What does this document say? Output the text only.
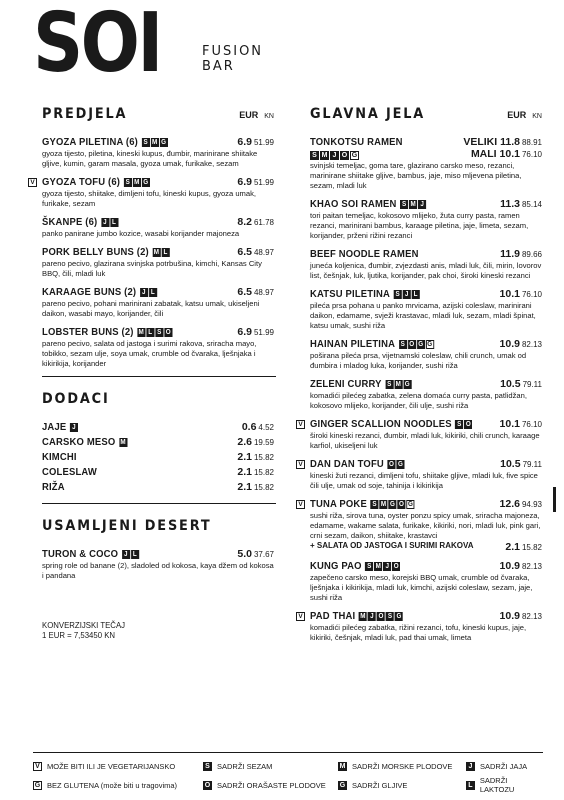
SOI	FUSION
BAR
PREDJELA	EUR KN
GYOZA PILETINA (6) S M G	6.9 51.99
gyoza tijesto, piletina, kineski kupus, đumbir, marinirane shiitake gljive, kumin, garam masala, gyoza umak, furikake, sezam
V GYOZA TOFU (6) S M G	6.9 51.99
gyoza tijesto, shiitake, dimljeni tofu, kineski kupus, gyoza umak, furikake, sezam
ŠKANPE (6) J L	8.2 61.78
panko panirane jumbo kozice, wasabi korijander majoneza
PORK BELLY BUNS (2) M L	6.5 48.97
pareno pecivo, glazirana svinjska potrbušina, kimchi, Kansas City BBQ, čili, mladi luk
KARAAGE BUNS (2) J L	6.5 48.97
pareno pecivo, pohani marinirani zabatak, katsu umak, ukiseljeni daikon, wasabi mayo, korijander, čili
LOBSTER BUNS (2) M L S O	6.9 51.99
pareno pecivo, salata od jastoga i surimi rakova, sriracha mayo, tobikko, sezam ulje, soya umak, crumble od čvaraka, lješnjaka i kikirikija, korijander
DODACI
JAJE J	0.6 4.52
CARSKO MESO M	2.6 19.59
KIMCHI	2.1 15.82
COLESLAW	2.1 15.82
RIŽA	2.1 15.82
USAMLJENI DESERT
TURON & COCO J L	5.0 37.67
spring role od banane (2), sladoled od kokosa, kaya džem od kokosa i pandana
KONVERZIJSKI TEČAJ
1 EUR = 7,53450 KN
GLAVNA JELA	EUR KN
TONKOTSU RAMEN	VELIKI 11.8 88.91
S M J O G	MALI 10.1 76.10
svinjski temeljac, goma tare, glazirano carsko meso, rezanci, marinirane shiitake gljive, bambus, jaje, miso mljevena piletina, sezam, mladi luk
KHAO SOI RAMEN S M J	11.3 85.14
tori paitan temeljac, kokosovo mlijeko, žuta curry pasta, ramen rezanci, marinirani bambus, karaage piletina, jaje, limeta, sezam, korijander, prženi rižini rezanci
BEEF NOODLE RAMEN	11.9 89.66
juneća koljenica, đumbir, zvjezdasti anis, mladi luk, čili, mirin, lovorov list, češnjak, luk, ljutika, korijander, pak choi, široki kineski rezanci
KATSU PILETINA S J L	10.1 76.10
pileća prsa pohana u panko mrvicama, azijski coleslaw, marinirani daikon, edamame, svježi krastavac, mladi luk, sezam, mladi špinat, katsu umak, sushi riža
HAINAN PILETINA S O G G	10.9 82.13
poširana pileća prsa, vijetnamski coleslaw, chili crunch, umak od đumbira i mladog luka, korijander, sushi riža
ZELENI CURRY S M G	10.5 79.11
komadići pilećeg zabatka, zelena domaća curry pasta, patlidžan, kokosovo mlijeko, korijander, čili ulje, sushi riža
V GINGER SCALLION NOODLES S O	10.1 76.10
široki kineski rezanci, đumbir, mladi luk, kikiriki, chili crunch, karaage karfiol, ukiseljeni luk
V DAN DAN TOFU O G	10.5 79.11
kineski žuti rezanci, dimljeni tofu, shiitake gljive, mladi luk, five spice čili ulje, umak od soje, tahinija i kikirikija
V TUNA POKE S M G O G	12.6 94.93
sushi riža, sirova tuna, oyster ponzu spicy umak, sriracha majoneza, edamame, wakame salata, furikake, kikiriki, nori, mladi luk, pink gari, crni sezam, daikon, shiitake, krastavci
+ SALATA OD JASTOGA I SURIMI RAKOVA	2.1 15.82
KUNG PAO S M J O	10.9 82.13
zapečeno carsko meso, korejski BBQ umak, crumble od čvaraka, lješnjaka i kikirikija, mladi luk, kimchi, azijski coleslaw, sezam, jaje, sushi riža
V PAD THAI M J O S G	10.9 82.13
komadići pilećeg zabatka, rižini rezanci, tofu, kineski kupus, jaje, kikiriki, češnjak, mladi luk, pad thai umak, limeta
V MOŽE BITI ILI JE VEGETARIJANSKO	S SADRŽI SEZAM	M SADRŽI MORSKE PLODOVE	J	SADRŽI JAJA
G BEZ GLUTENA (može biti u tragovima)	O SADRŽI ORAŠASTE PLODOVE G SADRŽI GLJIVE	L SADRŽI LAKTOZU
